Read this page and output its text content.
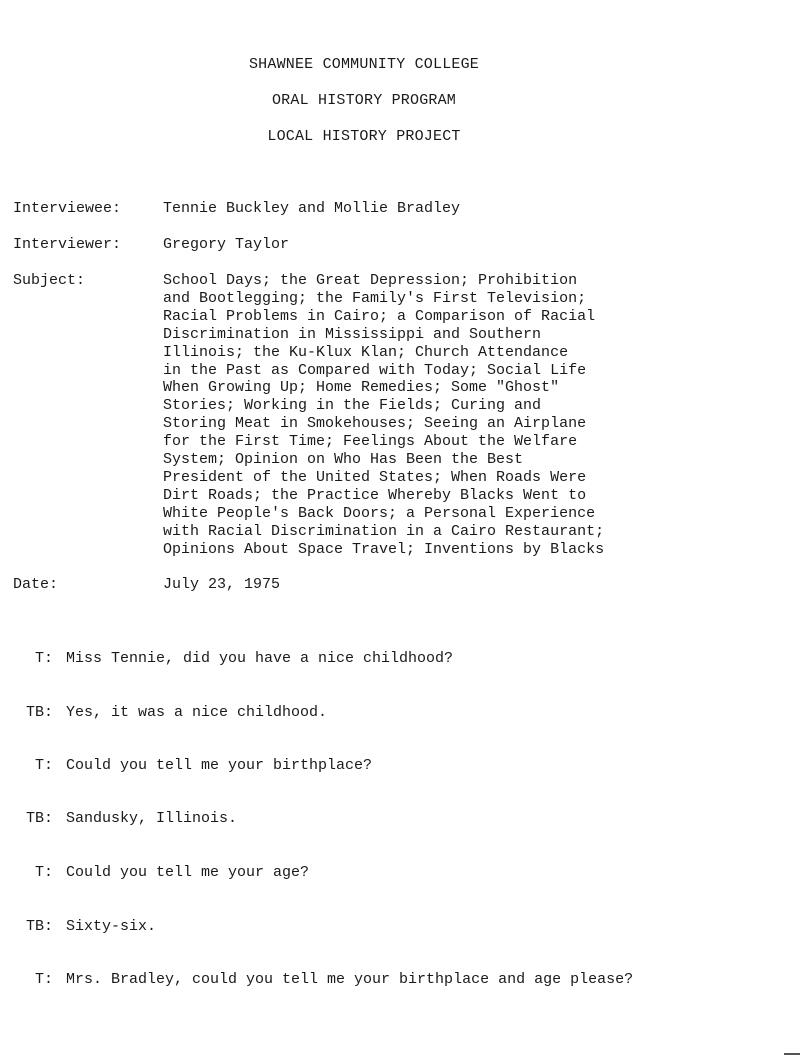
SHAWNEE COMMUNITY COLLEGE
ORAL HISTORY PROGRAM
LOCAL HISTORY PROJECT
Interviewee:	Tennie Buckley and Mollie Bradley
Interviewer:	Gregory Taylor
Subject:	School Days; the Great Depression; Prohibition
and Bootlegging; the Family's First Television;
Racial Problems in Cairo; a Comparison of Racial
Discrimination in Mississippi and Southern
Illinois; the Ku-Klux Klan; Church Attendance
in the Past as Compared with Today; Social Life
When Growing Up; Home Remedies; Some "Ghost"
Stories; Working in the Fields; Curing and
Storing Meat in Smokehouses; Seeing an Airplane
for the First Time; Feelings About the Welfare
System; Opinion on Who Has Been the Best
President of the United States; When Roads Were
Dirt Roads; the Practice Whereby Blacks Went to
White People's Back Doors; a Personal Experience
with Racial Discrimination in a Cairo Restaurant;
Opinions About Space Travel; Inventions by Blacks
Date:	July 23, 1975
T: Miss Tennie, did you have a nice childhood?
TB: Yes, it was a nice childhood.
T: Could you tell me your birthplace?
TB: Sandusky, Illinois.
T: Could you tell me your age?
TB: Sixty-six.
T: Mrs. Bradley, could you tell me your birthplace and age please?
